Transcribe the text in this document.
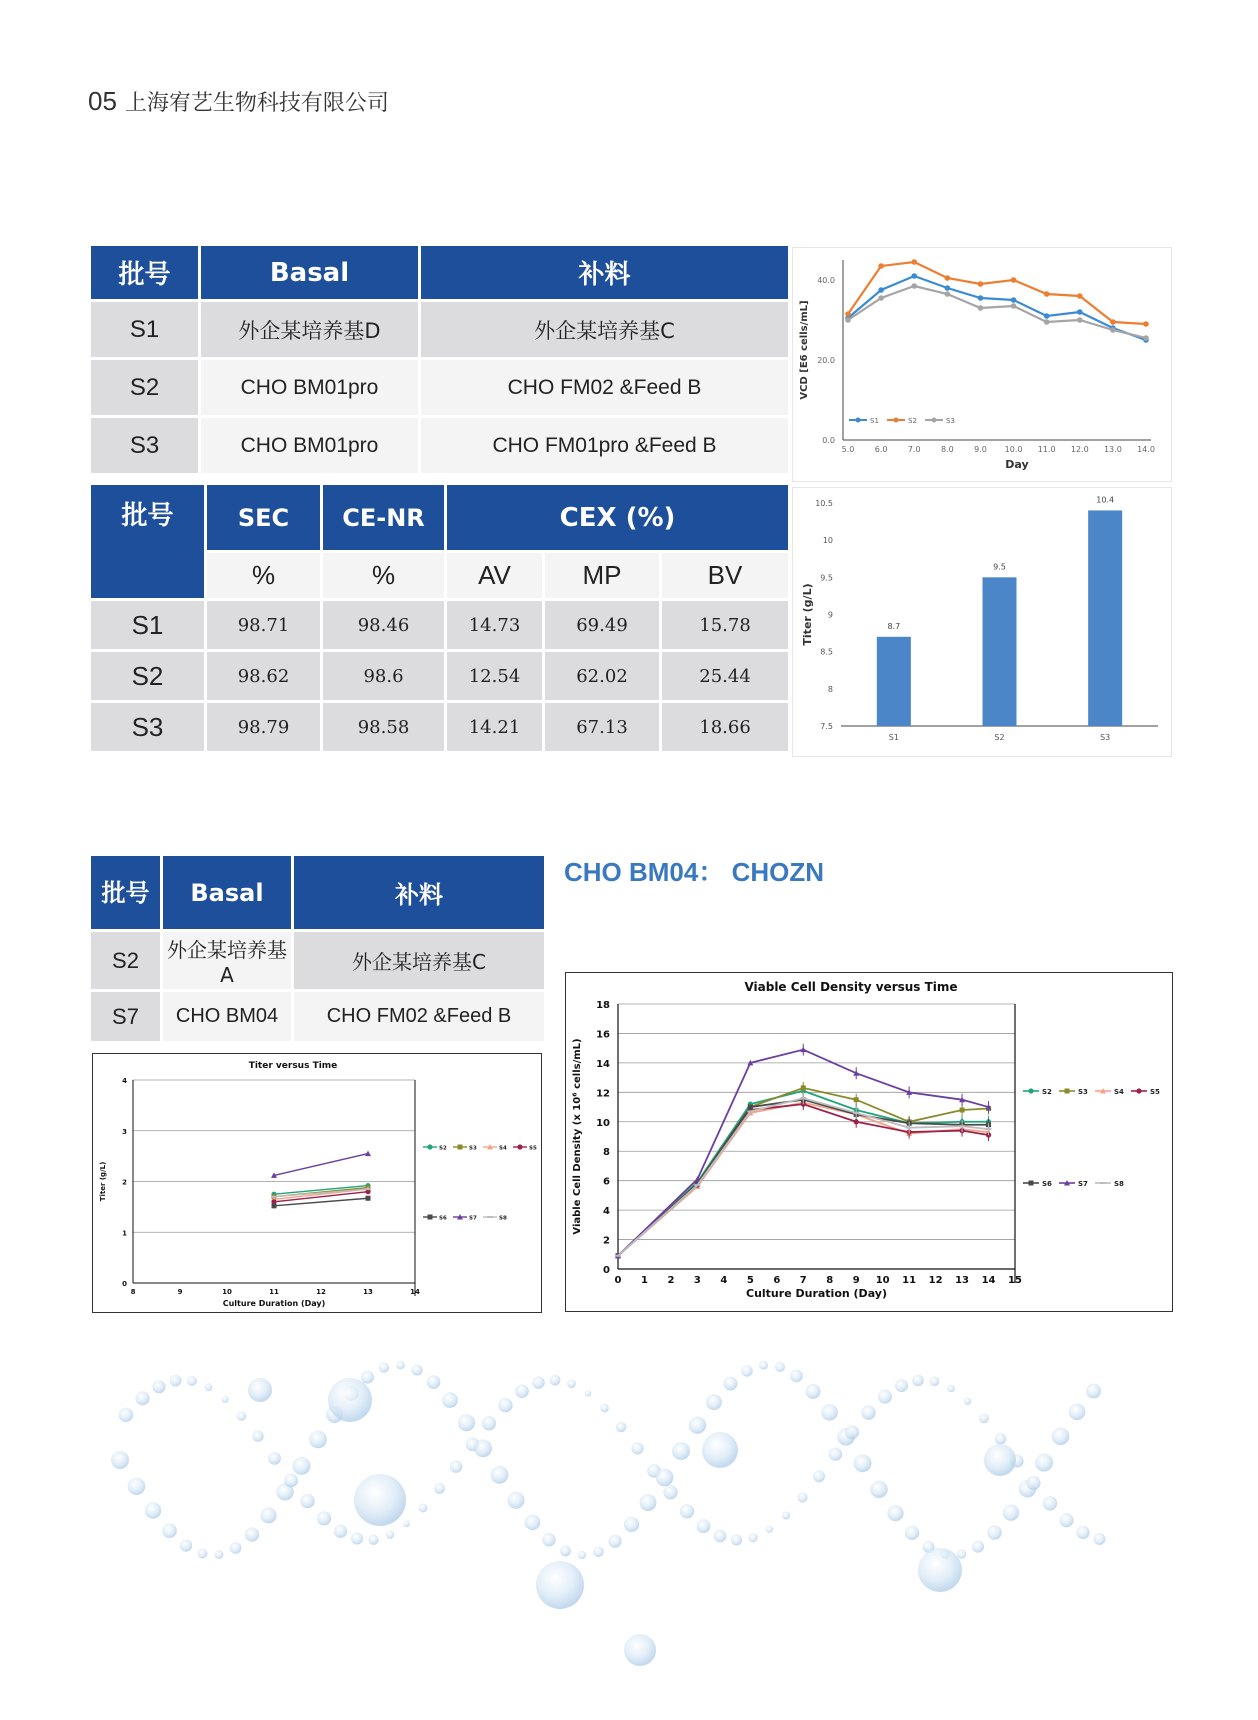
05 上海宥艺生物科技有限公司
批号	Basal	补料
S1	外企某培养基D	外企某培养基C
S2	CHO BM01pro	CHO FM02 &Feed B
S3	CHO BM01pro	CHO FM01pro &Feed B
批号	SEC	CE-NR	CEX (%)		
	%	%	AV	MP	BV
S1	98.71	98.46	14.73	69.49	15.78
S2	98.62	98.6	12.54	62.02	25.44
S3	98.79	98.58	14.21	67.13	18.66
批号	Basal	补料
S2	外企某培养基A	外企某培养基C
S7	CHO BM04	CHO FM02 &Feed B
CHO BM04： CHOZN
0.0
20.0
40.0
5.0	6.0	7.0	8.0	9.0 10.0 11.0 12.0 13.0 14.0
Day
VCD [E6 cells/mL]
S1	S2	S3
7.5
8
8.5
9
9.5
10
10.5
Titer (g/L)	8.7
S1
9.5
S2
10.4
S3
Titer versus Time
0
1
2
3
4
8	9	10	11	12	13	14
Culture Duration (Day)
Titer (g/L)
S2	S3	S4	S5
S6	S7	S8
Viable Cell Density versus Time
0
2
4
6
8
10
12
14
16
18
0 1 2 3 4 5 6 7 8 9 10 11 12 13 14 15
Culture Duration (Day)
Viable Cell Density (x 10⁶ cells/mL)	S2	S3	S4	S5
S6	S7	S8
